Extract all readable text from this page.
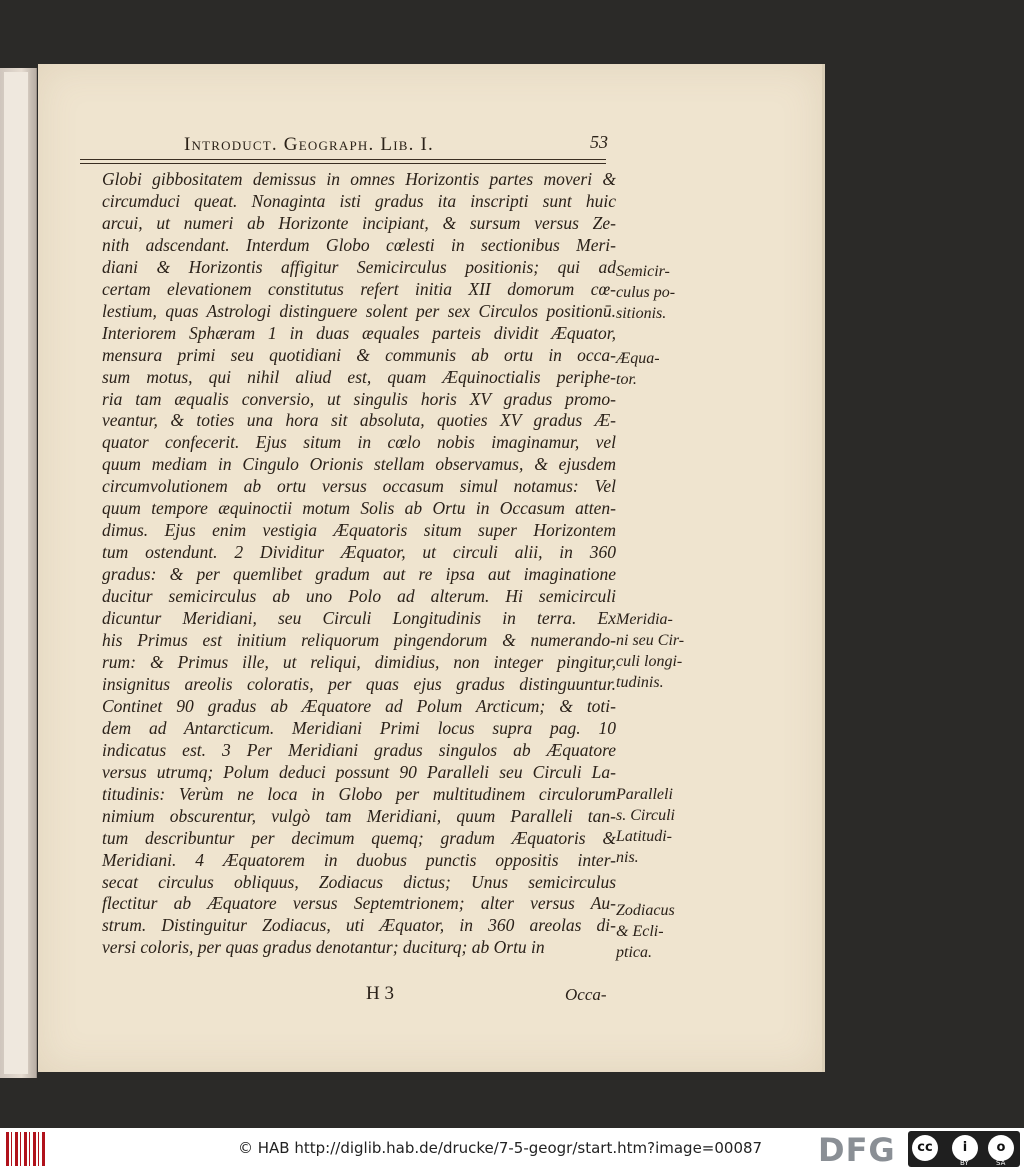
Introduct. Geograph. Lib. I.	53
Globi gibbositatem demissus in omnes Horizontis partes moveri &
circumduci queat. Nonaginta isti gradus ita inscripti sunt huic
arcui, ut numeri ab Horizonte incipiant, & sursum versus Ze-
nith adscendant. Interdum Globo cœlesti in sectionibus Meri-
diani & Horizontis affigitur Semicirculus positionis; qui ad
certam elevationem constitutus refert initia XII domorum cœ-
lestium, quas Astrologi distinguere solent per sex Circulos positionū.
Interiorem Sphæram 1 in duas æquales parteis dividit Æquator,
mensura primi seu quotidiani & communis ab ortu in occa-
sum motus, qui nihil aliud est, quam Æquinoctialis periphe-
ria tam æqualis conversio, ut singulis horis XV gradus promo-
veantur, & toties una hora sit absoluta, quoties XV gradus Æ-
quator confecerit. Ejus situm in cœlo nobis imaginamur, vel
quum mediam in Cingulo Orionis stellam observamus, & ejusdem
circumvolutionem ab ortu versus occasum simul notamus: Vel
quum tempore æquinoctii motum Solis ab Ortu in Occasum atten-
dimus. Ejus enim vestigia Æquatoris situm super Horizontem
tum ostendunt. 2 Dividitur Æquator, ut circuli alii, in 360
gradus: & per quemlibet gradum aut re ipsa aut imaginatione
ducitur semicirculus ab uno Polo ad alterum. Hi semicirculi
dicuntur Meridiani, seu Circuli Longitudinis in terra. Ex
his Primus est initium reliquorum pingendorum & numerando-
rum: & Primus ille, ut reliqui, dimidius, non integer pingitur,
insignitus areolis coloratis, per quas ejus gradus distinguuntur.
Continet 90 gradus ab Æquatore ad Polum Arcticum; & toti-
dem ad Antarcticum. Meridiani Primi locus supra pag. 10
indicatus est. 3 Per Meridiani gradus singulos ab Æquatore
versus utrumq; Polum deduci possunt 90 Paralleli seu Circuli La-
titudinis: Verùm ne loca in Globo per multitudinem circulorum
nimium obscurentur, vulgò tam Meridiani, quum Paralleli tan-
tum describuntur per decimum quemq; gradum Æquatoris &
Meridiani. 4 Æquatorem in duobus punctis oppositis inter-
secat circulus obliquus, Zodiacus dictus; Unus semicirculus
flectitur ab Æquatore versus Septemtrionem; alter versus Au-
strum. Distinguitur Zodiacus, uti Æquator, in 360 areolas di-
versi coloris, per quas gradus denotantur; duciturq; ab Ortu in
Semicir-
culus po-
sitionis.
Æqua-
tor.
Meridia-
ni seu Cir-
culi longi-
tudinis.
Paralleli
s. Circuli
Latitudi-
nis.
Zodiacus
& Ecli-
ptica.
H 3	Occa-
© HAB http://diglib.hab.de/drucke/7-5-geogr/start.htm?image=00087 DFG	cc	i	o
BY	SA
